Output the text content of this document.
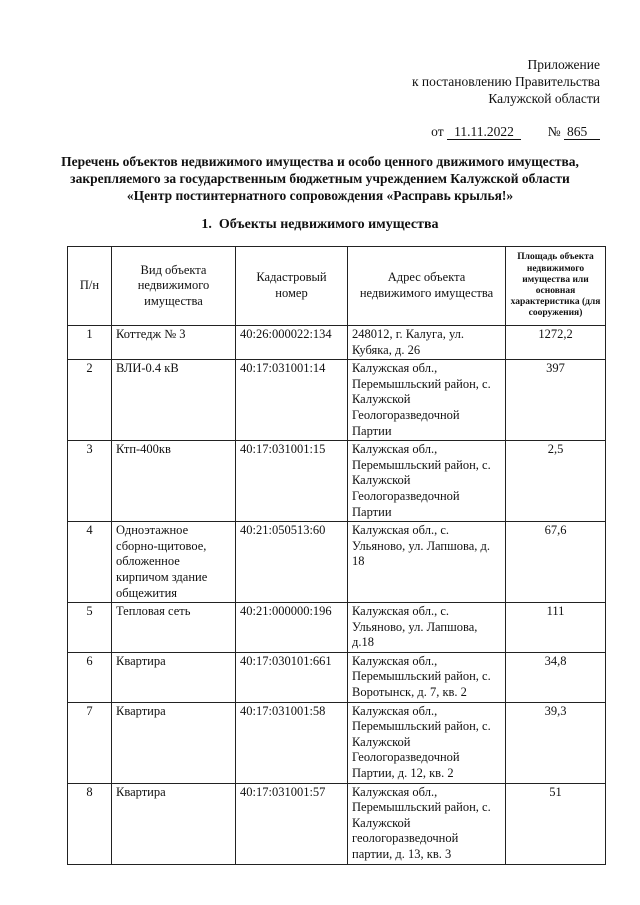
Приложение
к постановлению Правительства
Калужской области
от 11.11.2022	№ 865
Перечень объектов недвижимого имущества и особо ценного движимого имущества,
закрепляемого за государственным бюджетным учреждением Калужской области
«Центр постинтернатного сопровождения «Расправь крылья!»
1. Объекты недвижимого имущества
П/н	Вид объекта недвижимого имущества	Кадастровый номер	Адрес объекта недвижимого имущества	Площадь объекта недвижимого имущества или основная характеристика (для сооружения)
1	Коттедж № 3	40:26:000022:134	248012, г. Калуга, ул. Кубяка, д. 26	1272,2
2	ВЛИ-0.4 кВ	40:17:031001:14	Калужская обл., Перемышльский район, с. Калужской Геологоразведочной Партии	397
3	Ктп-400кв	40:17:031001:15	Калужская обл., Перемышльский район, с. Калужской Геологоразведочной Партии	2,5
4	Одноэтажное сборно-щитовое, обложенное кирпичом здание общежития	40:21:050513:60	Калужская обл., с. Ульяново, ул. Лапшова, д. 18	67,6
5	Тепловая сеть	40:21:000000:196	Калужская обл., с. Ульяново, ул. Лапшова, д.18	111
6	Квартира	40:17:030101:661	Калужская обл., Перемышльский район, с. Воротынск, д. 7, кв. 2	34,8
7	Квартира	40:17:031001:58	Калужская обл., Перемышльский район, с. Калужской Геологоразведочной Партии, д. 12, кв. 2	39,3
8	Квартира	40:17:031001:57	Калужская обл., Перемышльский район, с. Калужской геологоразведочной партии, д. 13, кв. 3	51
